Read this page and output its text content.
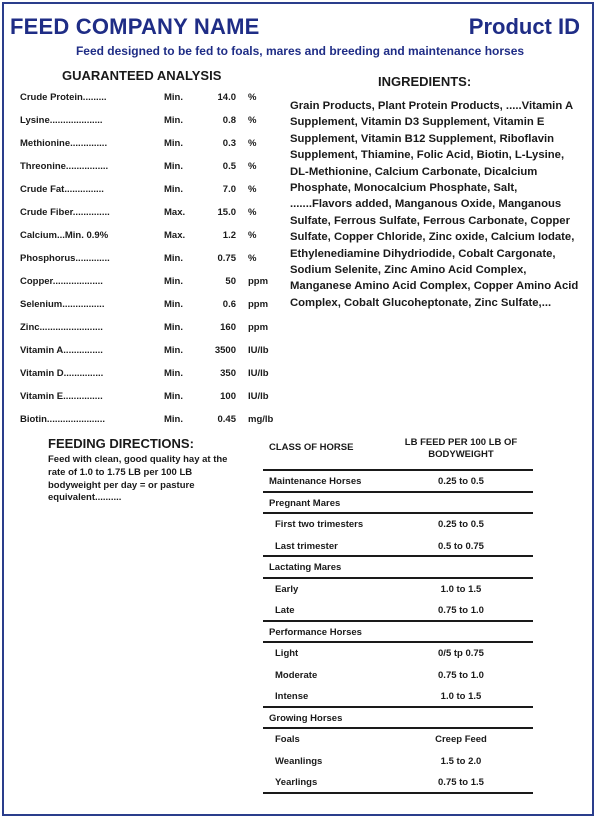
FEED COMPANY NAME	Product ID
Feed designed to be fed to foals, mares and breeding and maintenance horses
GUARANTEED ANALYSIS
Crude Protein.........	Min.	14.0 %
Lysine....................	Min.	0.8 %
Methionine..............	Min.	0.3 %
Threonine................	Min.	0.5 %
Crude Fat...............	Min.	7.0 %
Crude Fiber..............	Max.	15.0 %
Calcium...Min. 0.9%	Max.	1.2 %
Phosphorus.............	Min.	0.75 %
Copper...................	Min.	50 ppm
Selenium................	Min.	0.6 ppm
Zinc........................	Min.	160 ppm
Vitamin A...............	Min.	3500 IU/lb
Vitamin D...............	Min.	350 IU/lb
Vitamin E...............	Min.	100 IU/lb
Biotin......................	Min.	0.45 mg/lb
INGREDIENTS:
Grain Products, Plant Protein Products, .....Vitamin A Supplement, Vitamin D3 Supplement, Vitamin E Supplement, Vitamin B12 Supplement, Riboflavin Supplement, Thiamine, Folic Acid, Biotin, L-Lysine, DL-Methionine, Calcium Carbonate, Dicalcium Phosphate, Monocalcium Phosphate, Salt, .......Flavors added, Manganous Oxide, Manganous Sulfate, Ferrous Sulfate, Ferrous Carbonate, Copper Sulfate, Copper Chloride, Zinc oxide, Calcium Iodate, Ethylenediamine Dihydriodide, Cobalt Cargonate, Sodium Selenite, Zinc Amino Acid Complex, Manganese Amino Acid Complex, Copper Amino Acid Complex, Cobalt Glucoheptonate, Zinc Sulfate,...
FEEDING DIRECTIONS:
Feed with clean, good quality hay at the rate of 1.0 to 1.75 LB per 100 LB bodyweight per day = or pasture equivalent..........
CLASS OF HORSE	LB FEED PER 100 LB OF BODYWEIGHT
Maintenance Horses	0.25 to 0.5
Pregnant Mares
First two trimesters	0.25 to 0.5
Last trimester	0.5 to 0.75
Lactating Mares
Early	1.0 to 1.5
Late	0.75 to 1.0
Performance Horses
Light	0/5 tp 0.75
Moderate	0.75 to 1.0
Intense	1.0 to 1.5
Growing Horses
Foals	Creep Feed
Weanlings	1.5 to 2.0
Yearlings	0.75 to 1.5
